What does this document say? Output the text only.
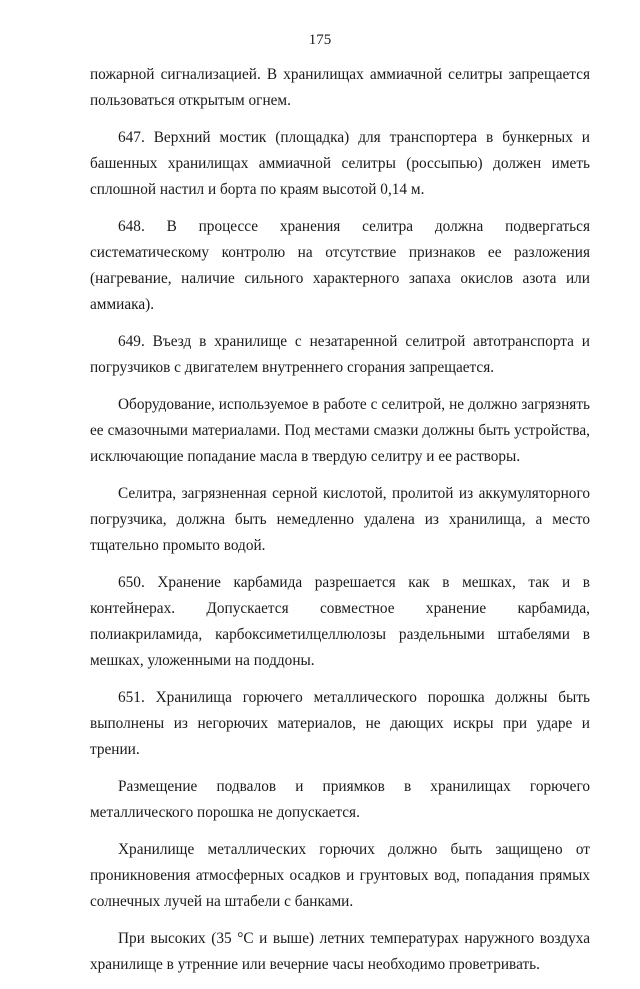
175

пожарной сигнализацией. В хранилищах аммиачной селитры запрещается пользоваться открытым огнем.

647. Верхний мостик (площадка) для транспортера в бункерных и башенных хранилищах аммиачной селитры (россыпью) должен иметь сплошной настил и борта по краям высотой 0,14 м.

648. В процессе хранения селитра должна подвергаться систематическому контролю на отсутствие признаков ее разложения (нагревание, наличие сильного характерного запаха окислов азота или аммиака).

649. Въезд в хранилище с незатаренной селитрой автотранспорта и погрузчиков с двигателем внутреннего сгорания запрещается.

Оборудование, используемое в работе с селитрой, не должно загрязнять ее смазочными материалами. Под местами смазки должны быть устройства, исключающие попадание масла в твердую селитру и ее растворы.

Селитра, загрязненная серной кислотой, пролитой из аккумуляторного погрузчика, должна быть немедленно удалена из хранилища, а место тщательно промыто водой.

650. Хранение карбамида разрешается как в мешках, так и в контейнерах. Допускается совместное хранение карбамида, полиакриламида, карбоксиметилцеллюлозы раздельными штабелями в мешках, уложенными на поддоны.

651. Хранилища горючего металлического порошка должны быть выполнены из негорючих материалов, не дающих искры при ударе и трении.

Размещение подвалов и приямков в хранилищах горючего металлического порошка не допускается.

Хранилище металлических горючих должно быть защищено от проникновения атмосферных осадков и грунтовых вод, попадания прямых солнечных лучей на штабели с банками.

При высоких (35 °С и выше) летних температурах наружного воздуха хранилище в утренние или вечерние часы необходимо проветривать.
